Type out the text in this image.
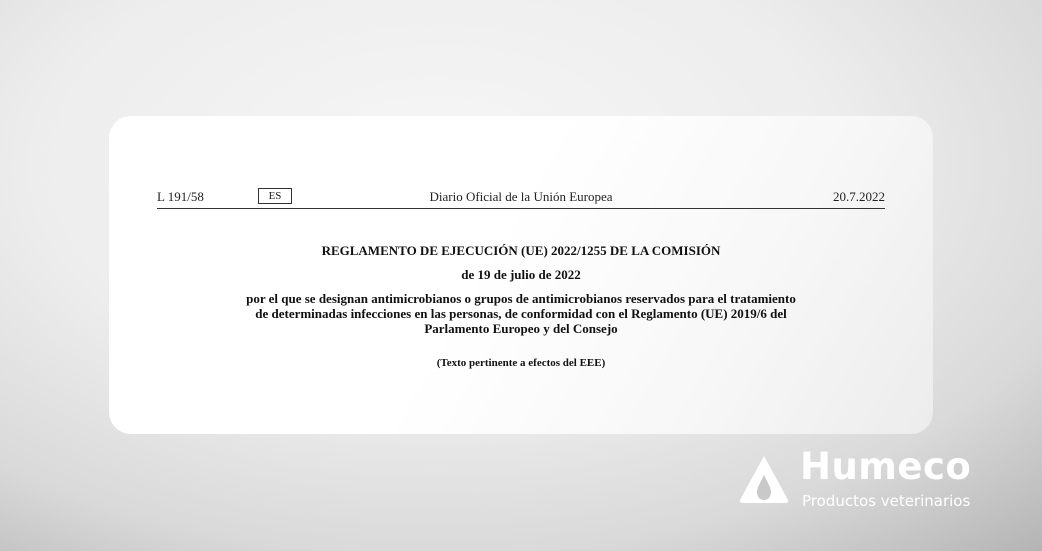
L 191/58	ES	Diario Oficial de la Unión Europea	20.7.2022
REGLAMENTO DE EJECUCIÓN (UE) 2022/1255 DE LA COMISIÓN
de 19 de julio de 2022
por el que se designan antimicrobianos o grupos de antimicrobianos reservados para el tratamiento
de determinadas infecciones en las personas, de conformidad con el Reglamento (UE) 2019/6 del
Parlamento Europeo y del Consejo
(Texto pertinente a efectos del EEE)
Humeco
Productos veterinarios
